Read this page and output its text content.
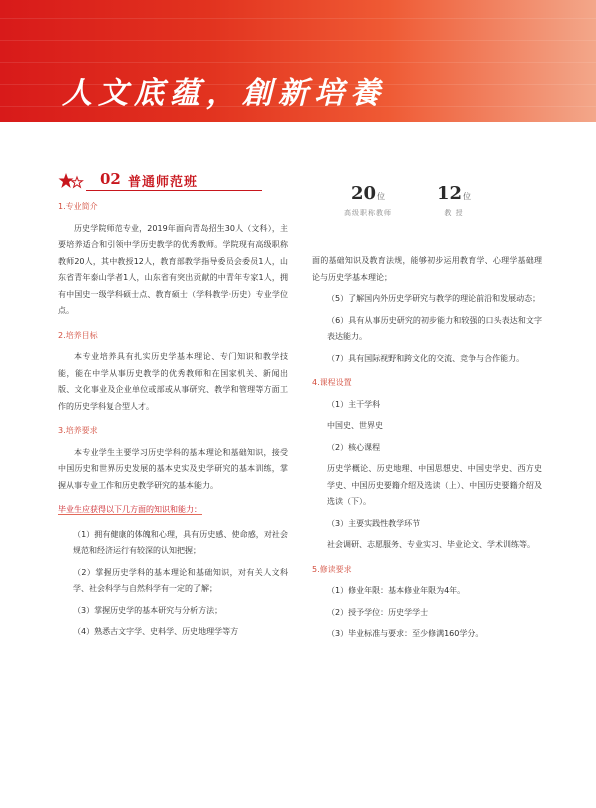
人文底蕴，創新培養
02 普通师范班
20位
高级职称教师
12位
教 授

1.专业简介

历史学院师范专业，2019年面向青岛招生30人（文科），主要培养适合和引领中学历史教学的优秀教师。学院现有高级职称教师20人，其中教授12人，教育部教学指导委员会委员1人，山东省青年泰山学者1人，山东省有突出贡献的中青年专家1人，拥有中国史一级学科硕士点、教育硕士（学科教学·历史）专业学位点。

2.培养目标

本专业培养具有扎实历史学基本理论、专门知识和教学技能，能在中学从事历史教学的优秀教师和在国家机关、新闻出版、文化事业及企业单位或部或从事研究、教学和管理等方面工作的历史学科复合型人才。

3.培养要求

本专业学生主要学习历史学科的基本理论和基础知识，接受中国历史和世界历史发展的基本史实及史学研究的基本训练，掌握从事专业工作和历史教学研究的基本能力。

毕业生应获得以下几方面的知识和能力：

（1）拥有健康的体魄和心理，具有历史感、使命感，对社会规范和经济运行有较深的认知把握；

（2）掌握历史学科的基本理论和基础知识，对有关人文科学、社会科学与自然科学有一定的了解；

（3）掌握历史学的基本研究与分析方法；

（4）熟悉古文字学、史料学、历史地理学等方

面的基础知识及教育法规，能够初步运用教育学、心理学基础理论与历史学基本理论；

（5）了解国内外历史学研究与教学的理论前沿和发展动态；

（6）具有从事历史研究的初步能力和较强的口头表达和文字表达能力。

（7）具有国际视野和跨文化的交流、竞争与合作能力。

4.课程设置

（1）主干学科

中国史、世界史

（2）核心课程

历史学概论、历史地理、中国思想史、中国史学史、西方史学史、中国历史要籍介绍及选读（上）、中国历史要籍介绍及选读（下）。

（3）主要实践性教学环节

社会调研、志愿服务、专业实习、毕业论文、学术训练等。

5.修读要求

（1）修业年限：基本修业年限为4年。

（2）授予学位：历史学学士

（3）毕业标准与要求：至少修满160学分。
